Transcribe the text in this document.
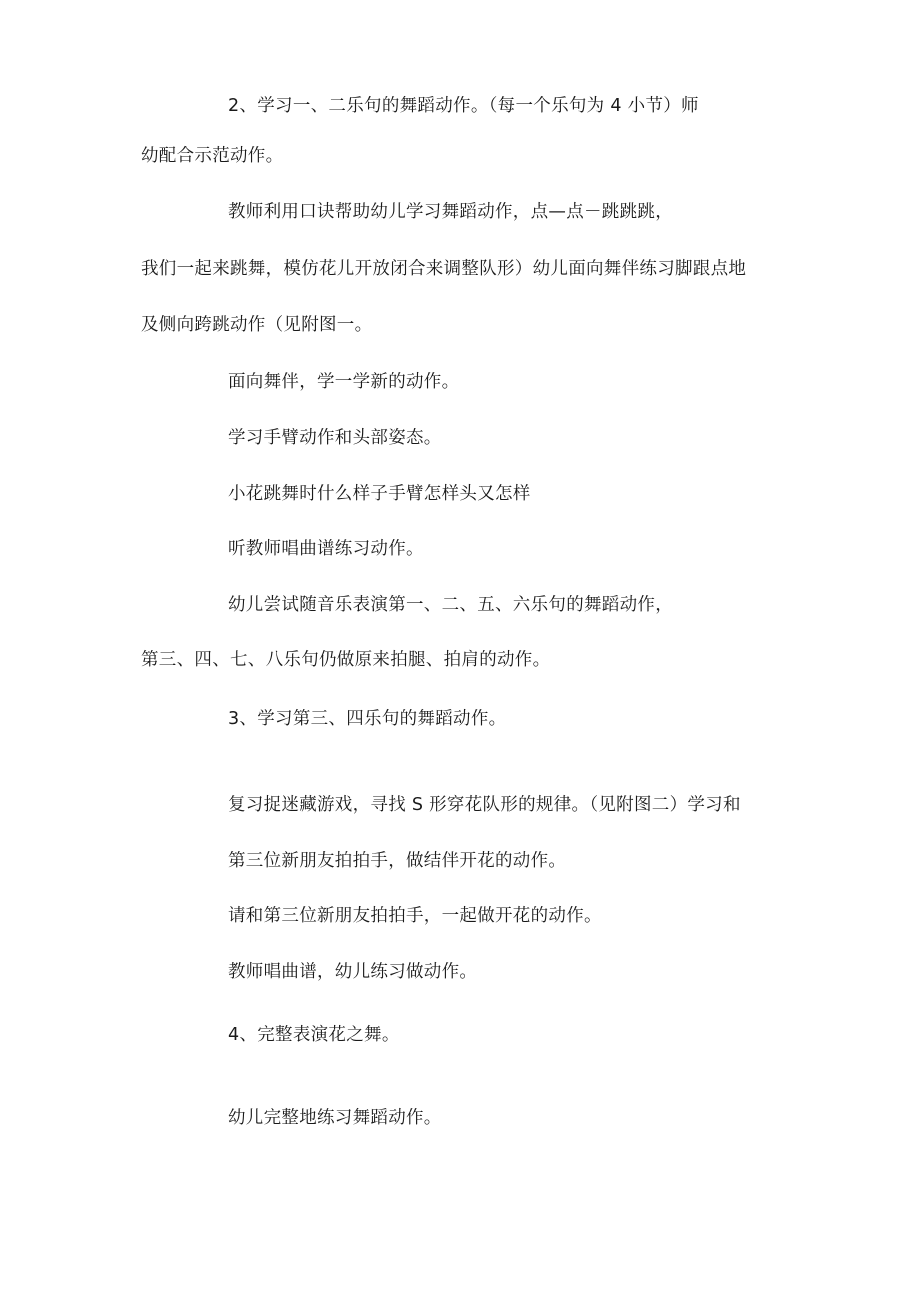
2、学习一、二乐句的舞蹈动作。（每一个乐句为 4 小节）师

幼配合示范动作。

教师利用口诀帮助幼儿学习舞蹈动作，点—点－跳跳跳，

我们一起来跳舞，模仿花儿开放闭合来调整队形）幼儿面向舞伴练习脚跟点地

及侧向跨跳动作（见附图一。

面向舞伴，学一学新的动作。

学习手臂动作和头部姿态。

小花跳舞时什么样子手臂怎样头又怎样

听教师唱曲谱练习动作。

幼儿尝试随音乐表演第一、二、五、六乐句的舞蹈动作，

第三、四、七、八乐句仍做原来拍腿、拍肩的动作。

3、学习第三、四乐句的舞蹈动作。

复习捉迷藏游戏，寻找 S 形穿花队形的规律。（见附图二）学习和

第三位新朋友拍拍手，做结伴开花的动作。

请和第三位新朋友拍拍手，一起做开花的动作。

教师唱曲谱，幼儿练习做动作。

4、完整表演花之舞。

幼儿完整地练习舞蹈动作。
